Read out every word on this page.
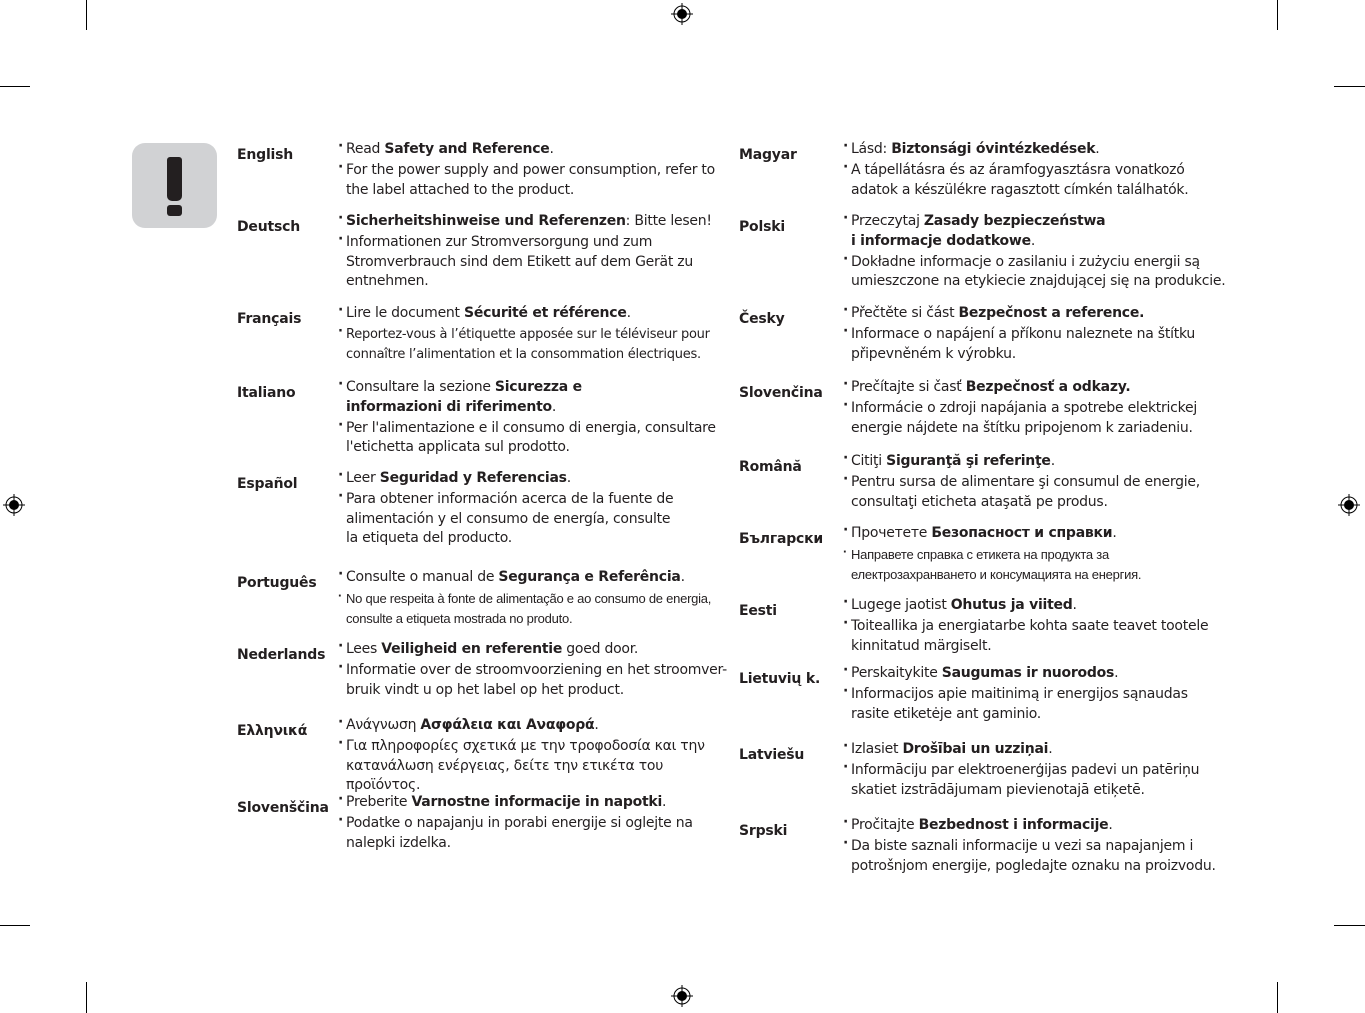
English	· Read Safety and Reference.
· For the power supply and power consumption, refer to the label attached to the product.
Deutsch	· Sicherheitshinweise und Referenzen: Bitte lesen!
· Informationen zur Stromversorgung und zum Stromverbrauch sind dem Etikett auf dem Gerät zu entnehmen.
Français	· Lire le document Sécurité et référence.
· Reportez-vous à l’étiquette apposée sur le téléviseur pour connaître l’alimentation et la consommation électriques.
Italiano	· Consultare la sezione Sicurezza e informazioni di riferimento.
· Per l'alimentazione e il consumo di energia, consultare l'etichetta applicata sul prodotto.
Español	· Leer Seguridad y Referencias.
· Para obtener información acerca de la fuente de alimentación y el consumo de energía, consulte la etiqueta del producto.
Português	· Consulte o manual de Segurança e Referência.
· No que respeita à fonte de alimentação e ao consumo de energia, consulte a etiqueta mostrada no produto.
Nederlands	· Lees Veiligheid en referentie goed door.
· Informatie over de stroomvoorziening en het stroomver-bruik vindt u op het label op het product.
Ελληνικά	· Ανάγνωση Ασφάλεια και Αναφορά.
· Για πληροφορίες σχετικά με την τροφοδοσία και την κατανάλωση ενέργειας, δείτε την ετικέτα του προϊόντος.
Slovenščina	· Preberite Varnostne informacije in napotki.
· Podatke o napajanju in porabi energije si oglejte na nalepki izdelka.
Magyar	· Lásd: Biztonsági óvintézkedések.
· A tápellátásra és az áramfogyasztásra vonatkozó adatok a készülékre ragasztott címkén találhatók.
Polski	· Przeczytaj Zasady bezpieczeństwa i informacje dodatkowe.
· Dokładne informacje o zasilaniu i zużyciu energii są umieszczone na etykiecie znajdującej się na produkcie.
Česky	· Přečtěte si část Bezpečnost a reference.
· Informace o napájení a příkonu naleznete na štítku připevněném k výrobku.
Slovenčina	· Prečítajte si časť Bezpečnosť a odkazy.
· Informácie o zdroji napájania a spotrebe elektrickej energie nájdete na štítku pripojenom k zariadeniu.
Română	· Citiţi Siguranţă şi referinţe.
· Pentru sursa de alimentare şi consumul de energie, consultaţi eticheta ataşată pe produs.
Български	· Прочетете Безопасност и справки.
· Направете справка с етикета на продукта за електрозахранването и консумацията на енергия.
Eesti	· Lugege jaotist Ohutus ja viited.
· Toiteallika ja energiatarbe kohta saate teavet tootele kinnitatud märgiselt.
Lietuvių k.	· Perskaitykite Saugumas ir nuorodos.
· Informacijos apie maitinimą ir energijos sąnaudas rasite etiketėje ant gaminio.
Latviešu	· Izlasiet Drošībai un uzziņai.
· Informāciju par elektroenerģijas padevi un patēriņu skatiet izstrādājumam pievienotajā etiķetē.
Srpski	· Pročitajte Bezbednost i informacije.
· Da biste saznali informacije u vezi sa napajanjem i potrošnjom energije, pogledajte oznaku na proizvodu.
